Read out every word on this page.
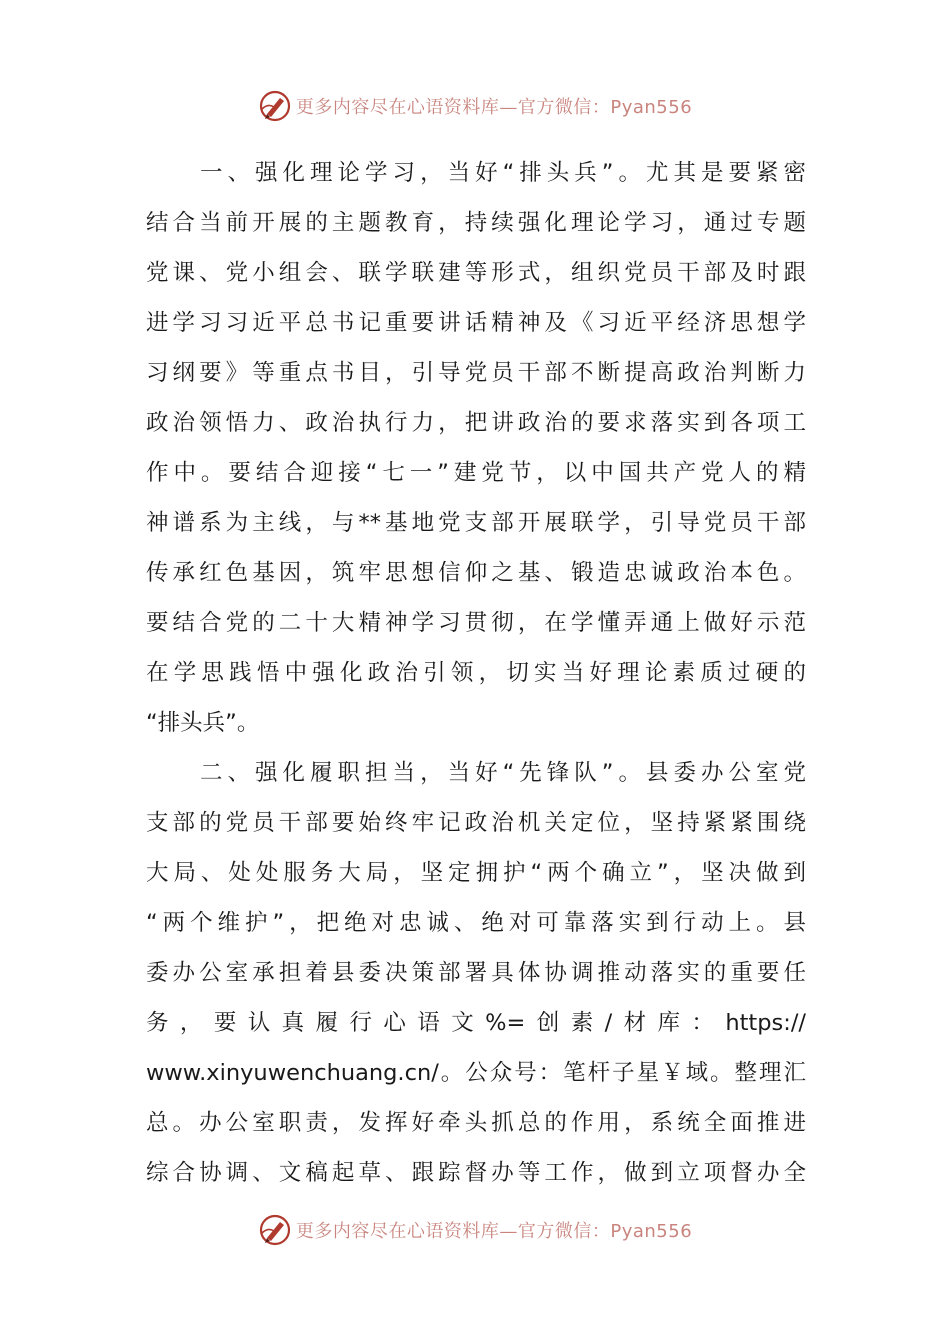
更多内容尽在心语资料库—官方微信：Pyan556
一、强化理论学习，当好“排头兵”。尤其是要紧密
结合当前开展的主题教育，持续强化理论学习，通过专题
党课、党小组会、联学联建等形式，组织党员干部及时跟
进学习习近平总书记重要讲话精神及《习近平经济思想学
习纲要》等重点书目，引导党员干部不断提高政治判断力
政治领悟力、政治执行力，把讲政治的要求落实到各项工
作中。要结合迎接“七一”建党节，以中国共产党人的精
神谱系为主线，与**基地党支部开展联学，引导党员干部
传承红色基因，筑牢思想信仰之基、锻造忠诚政治本色。
要结合党的二十大精神学习贯彻，在学懂弄通上做好示范
在学思践悟中强化政治引领，切实当好理论素质过硬的
“排头兵”。
二、强化履职担当，当好“先锋队”。县委办公室党
支部的党员干部要始终牢记政治机关定位，坚持紧紧围绕
大局、处处服务大局，坚定拥护“两个确立”，坚决做到
“两个维护”，把绝对忠诚、绝对可靠落实到行动上。县
委办公室承担着县委决策部署具体协调推动落实的重要任
务，要认真履行心语文%=创素/材库：https://
www.xinyuwenchuang.cn/。公众号：笔杆子星￥域。整理汇
总。办公室职责，发挥好牵头抓总的作用，系统全面推进
综合协调、文稿起草、跟踪督办等工作，做到立项督办全
更多内容尽在心语资料库—官方微信：Pyan556
